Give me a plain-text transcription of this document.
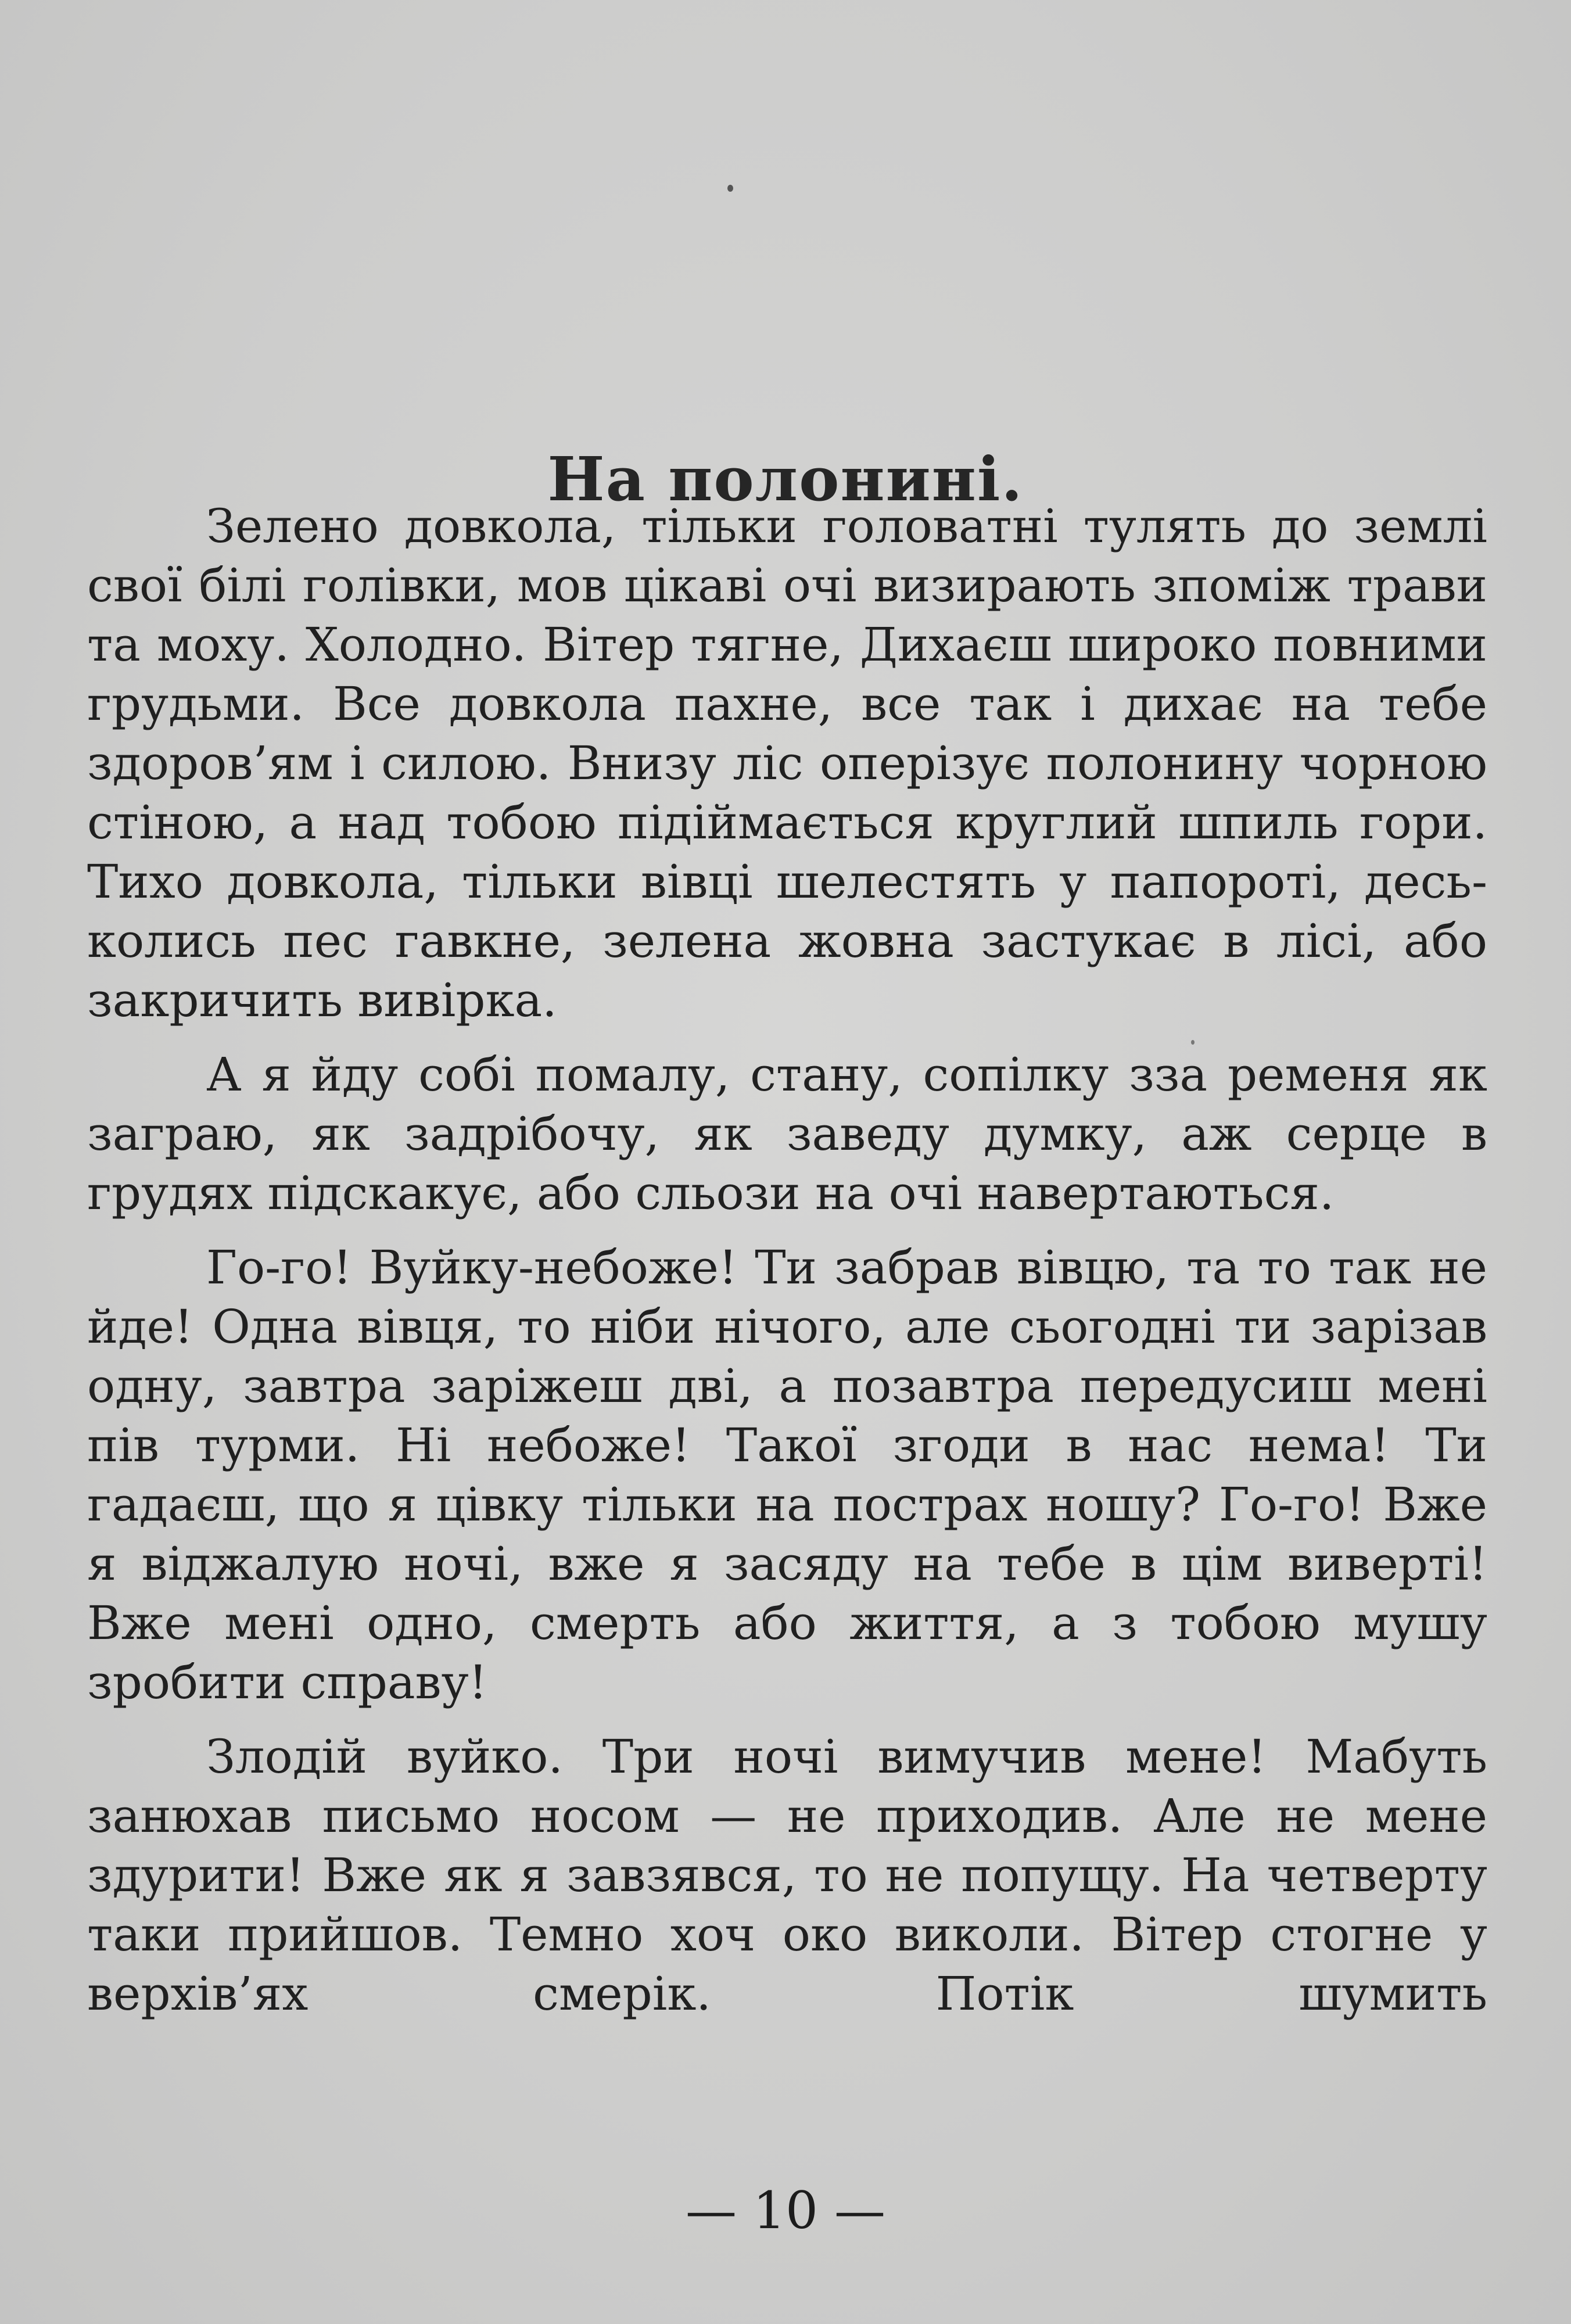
На полонині.

Зелено довкола, тільки головатні тулять до землі свої білі голівки, мов цікаві очі визирають зпоміж трави та моху. Холодно. Вітер тягне, Дихаєш широко повними грудьми. Все довкола пахне, все так і дихає на тебе здоров’ям і силою. Внизу ліс оперізує полонину чорною стіною, а над тобою підіймається круглий шпиль гори. Тихо довкола, тільки вівці шелестять у папороті, десь-колись пес гавкне, зелена жовна застукає в лісі, або закричить вивірка.

А я йду собі помалу, стану, сопілку зза ременя як заграю, як задрібочу, як заведу думку, аж серце в грудях підскакує, або сльози на очі навертаються.

Го-го! Вуйку-небоже! Ти забрав вівцю, та то так не йде! Одна вівця, то ніби нічого, але сьогодні ти зарізав одну, завтра заріжеш дві, а позавтра передусиш мені пів турми. Ні небоже! Такої згоди в нас нема! Ти гадаєш, що я цівку тільки на пострах ношу? Го-го! Вже я віджалую ночі, вже я засяду на тебе в цім виверті! Вже мені одно, смерть або життя, а з тобою мушу зробити справу!

Злодій вуйко. Три ночі вимучив мене! Мабуть занюхав письмо носом — не приходив. Але не мене здурити! Вже як я завзявся, то не попущу. На четверту таки прийшов. Темно хоч око виколи. Вітер стогне у верхів’ях смерік. Потік шумить

— 10 —
